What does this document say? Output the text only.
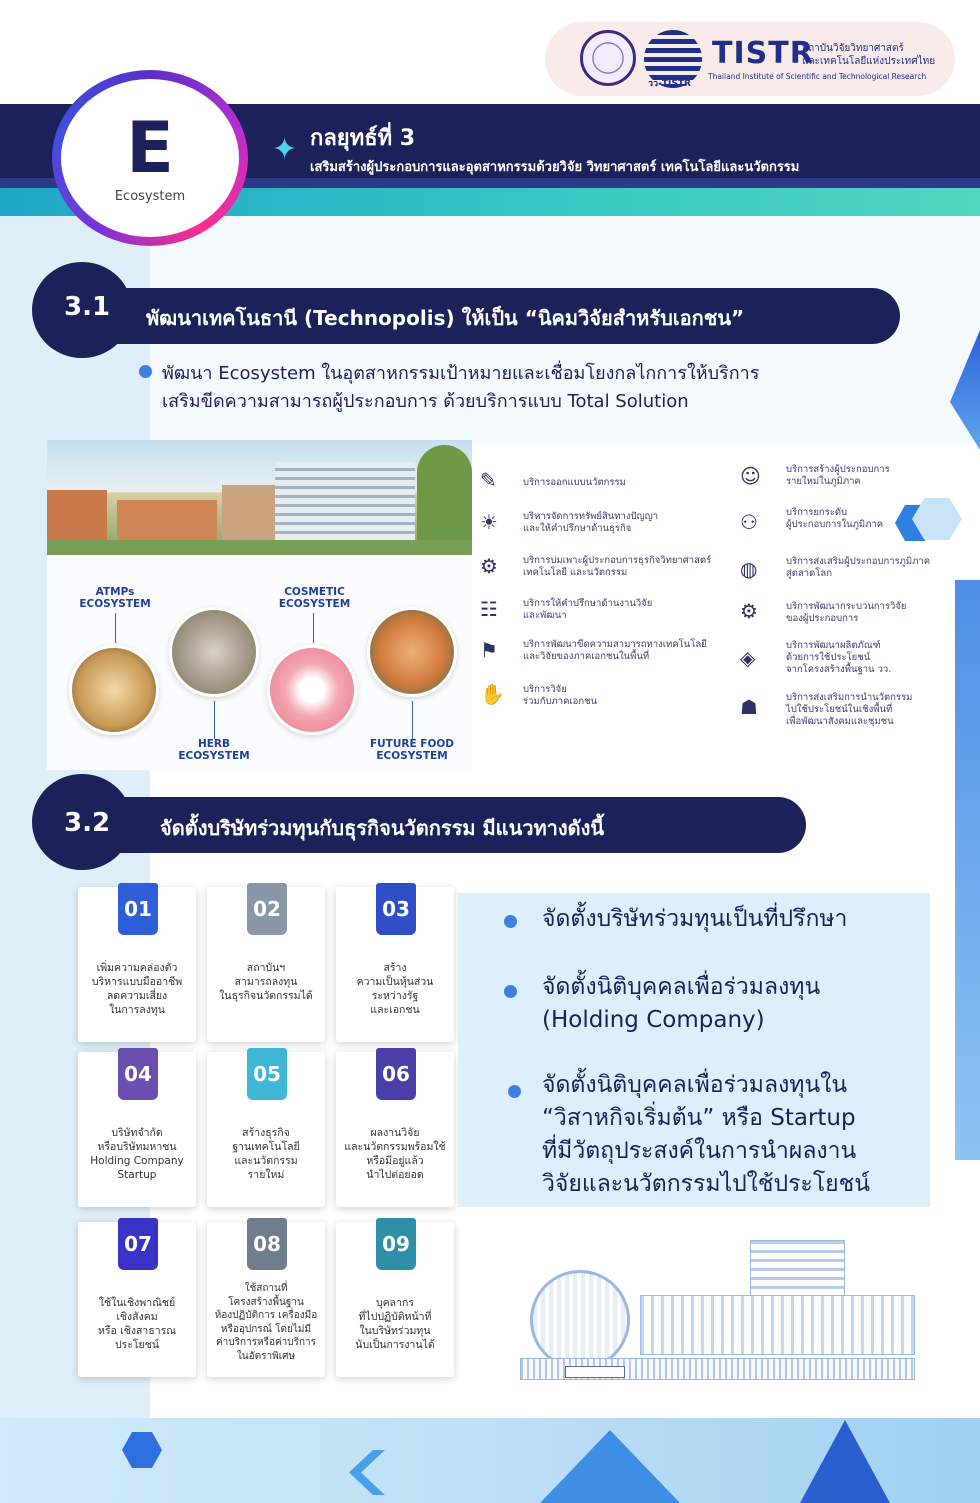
วว-TISTR
TISTR
สถาบันวิจัยวิทยาศาสตร์
และเทคโนโลยีแห่งประเทศไทย
Thailand Institute of Scientific and Technological Research
✦ กลยุทธ์ที่ 3
เสริมสร้างผู้ประกอบการและอุตสาหกรรมด้วยวิจัย วิทยาศาสตร์ เทคโนโลยีและนวัตกรรม
E
Ecosystem
3.1 พัฒนาเทคโนธานี (Technopolis) ให้เป็น “นิคมวิจัยสำหรับเอกชน”
พัฒนา Ecosystem ในอุตสาหกรรมเป้าหมายและเชื่อมโยงกลไกการให้บริการ
เสริมขีดความสามารถผู้ประกอบการ ด้วยบริการแบบ Total Solution
ATMPs
ECOSYSTEM
HERB
ECOSYSTEM
COSMETIC
ECOSYSTEM
FUTURE FOOD
ECOSYSTEM
✎	บริการออกแบบนวัตกรรม
☀	บริหารจัดการทรัพย์สินทางปัญญา
และให้คำปรึกษาด้านธุรกิจ
⚙	บริการบ่มเพาะผู้ประกอบการธุรกิจวิทยาศาสตร์
เทคโนโลยี และนวัตกรรม
☷	บริการให้คำปรึกษาด้านงานวิจัย
และพัฒนา
⚑	บริการพัฒนาขีดความสามารถทางเทคโนโลยี
และวิจัยของภาคเอกชนในพื้นที่
✋ บริการวิจัย
ร่วมกับภาคเอกชน
☺	บริการสร้างผู้ประกอบการ
รายใหม่ในภูมิภาค
⚇	บริการยกระดับ
ผู้ประกอบการในภูมิภาค
◍	บริการส่งเสริมผู้ประกอบการภูมิภาค
สู่ตลาดโลก
⚙	บริการพัฒนากระบวนการวิจัย
ของผู้ประกอบการ
◈
บริการพัฒนาผลิตภัณฑ์
ด้วยการใช้ประโยชน์
จากโครงสร้างพื้นฐาน วว.
☗	บริการส่งเสริมการนำนวัตกรรม
ไปใช้ประโยชน์ในเชิงพื้นที่
เพื่อพัฒนาสังคมและชุมชน
3.2 จัดตั้งบริษัทร่วมทุนกับธุรกิจนวัตกรรม มีแนวทางดังนี้
01
เพิ่มความคล่องตัว
บริหารแบบมืออาชีพ
ลดความเสี่ยง
ในการลงทุน
02
สถาบันฯ
สามารถลงทุน
ในธุรกิจนวัตกรรมได้
03
สร้าง
ความเป็นหุ้นส่วน
ระหว่างรัฐ
และเอกชน
04
บริษัทจำกัด
หรือบริษัทมหาชน
Holding Company
Startup
05
สร้างธุรกิจ
ฐานเทคโนโลยี
และนวัตกรรม
รายใหม่
06
ผลงานวิจัย
และนวัตกรรมพร้อมใช้
หรือมีอยู่แล้ว
นำไปต่อยอด
07
ใช้ในเชิงพาณิชย์
เชิงสังคม
หรือ เชิงสาธารณ
ประโยชน์
08
ใช้สถานที่
โครงสร้างพื้นฐาน
ห้องปฏิบัติการ เครื่องมือ
หรืออุปกรณ์ โดยไม่มี
ค่าบริการหรือค่าบริการ
ในอัตราพิเศษ
09
บุคลากร
ที่ไปปฏิบัติหน้าที่
ในบริษัทร่วมทุน
นับเป็นการงานได้
จัดตั้งบริษัทร่วมทุนเป็นที่ปรึกษา
จัดตั้งนิติบุคคลเพื่อร่วมลงทุน
(Holding Company)
จัดตั้งนิติบุคคลเพื่อร่วมลงทุนใน
“วิสาหกิจเริ่มต้น” หรือ Startup
ที่มีวัตถุประสงค์ในการนำผลงาน
วิจัยและนวัตกรรมไปใช้ประโยชน์
